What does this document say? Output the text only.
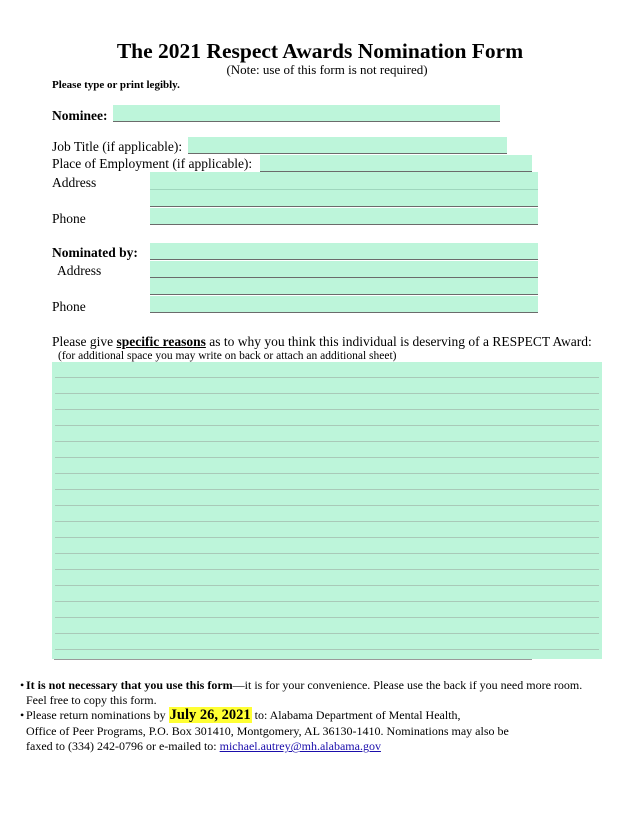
The 2021 Respect Awards Nomination Form
(Note: use of this form is not required)
Please type or print legibly.
Nominee:
Job Title (if applicable):
Place of Employment (if applicable):
Address
Phone
Nominated by:
Address
Phone
Please give specific reasons as to why you think this individual is deserving of a RESPECT Award:
(for additional space you may write on back or attach an additional sheet)
• It is not necessary that you use this form—it is for your convenience. Please use the back if you need more room.
Feel free to copy this form.
• Please return nominations by July 26, 2021 to: Alabama Department of Mental Health,
Office of Peer Programs, P.O. Box 301410, Montgomery, AL 36130-1410. Nominations may also be
faxed to (334) 242-0796 or e-mailed to: michael.autrey@mh.alabama.gov
